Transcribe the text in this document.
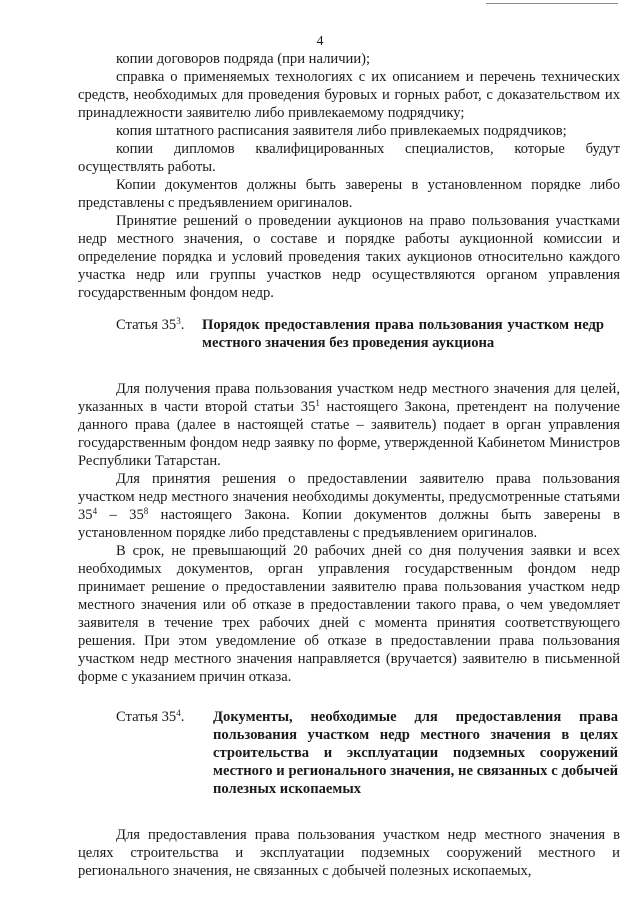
4

копии договоров подряда (при наличии);

справка о применяемых технологиях с их описанием и перечень технических средств, необходимых для проведения буровых и горных работ, с доказательством их принадлежности заявителю либо привлекаемому подрядчику;

копия штатного расписания заявителя либо привлекаемых подрядчиков;

копии дипломов квалифицированных специалистов, которые будут осуществлять работы.

Копии документов должны быть заверены в установленном порядке либо представлены с предъявлением оригиналов.

Принятие решений о проведении аукционов на право пользования участками недр местного значения, о составе и порядке работы аукционной комиссии и определение порядка и условий проведения таких аукционов относительно каждого участка недр или группы участков недр осуществляются органом управления государственным фондом недр.

Статья $35^3$.	Порядок предоставления права пользования участком недр местного значения без проведения аукциона

Для получения права пользования участком недр местного значения для целей, указанных в части второй статьи $35^1$ настоящего Закона, претендент на получение данного права (далее в настоящей статье – заявитель) подает в орган управления государственным фондом недр заявку по форме, утвержденной Кабинетом Министров Республики Татарстан.

Для принятия решения о предоставлении заявителю права пользования участком недр местного значения необходимы документы, предусмотренные статьями $35^4 - 35^8$ настоящего Закона. Копии документов должны быть заверены в установленном порядке либо представлены с предъявлением оригиналов.

В срок, не превышающий 20 рабочих дней со дня получения заявки и всех необходимых документов, орган управления государственным фондом недр принимает решение о предоставлении заявителю права пользования участком недр местного значения или об отказе в предоставлении такого права, о чем уведомляет заявителя в течение трех рабочих дней с момента принятия соответствующего решения. При этом уведомление об отказе в предоставлении права пользования участком недр местного значения направляется (вручается) заявителю в письменной форме с указанием причин отказа.

Статья $35^4$.	Документы, необходимые для предоставления права пользования участком недр местного значения в целях строительства и эксплуатации подземных сооружений местного и регионального значения, не связанных с добычей полезных ископаемых

Для предоставления права пользования участком недр местного значения в целях строительства и эксплуатации подземных сооружений местного и регионального значения, не связанных с добычей полезных ископаемых,
